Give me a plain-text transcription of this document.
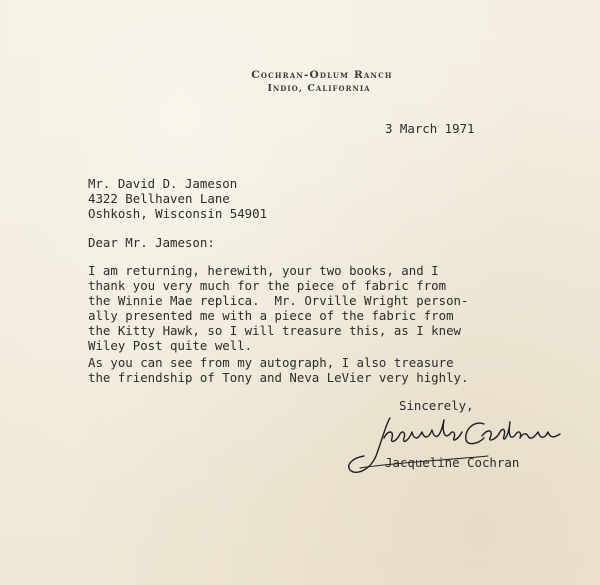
Cochran-Odlum Ranch
Indio, California
3 March 1971
Mr. David D. Jameson
4322 Bellhaven Lane
Oshkosh, Wisconsin 54901
Dear Mr. Jameson:
I am returning, herewith, your two books, and I
thank you very much for the piece of fabric from
the Winnie Mae replica.  Mr. Orville Wright person-
ally presented me with a piece of the fabric from
the Kitty Hawk, so I will treasure this, as I knew
Wiley Post quite well.
As you can see from my autograph, I also treasure
the friendship of Tony and Neva LeVier very highly.
Sincerely,
Jacqueline Cochran
